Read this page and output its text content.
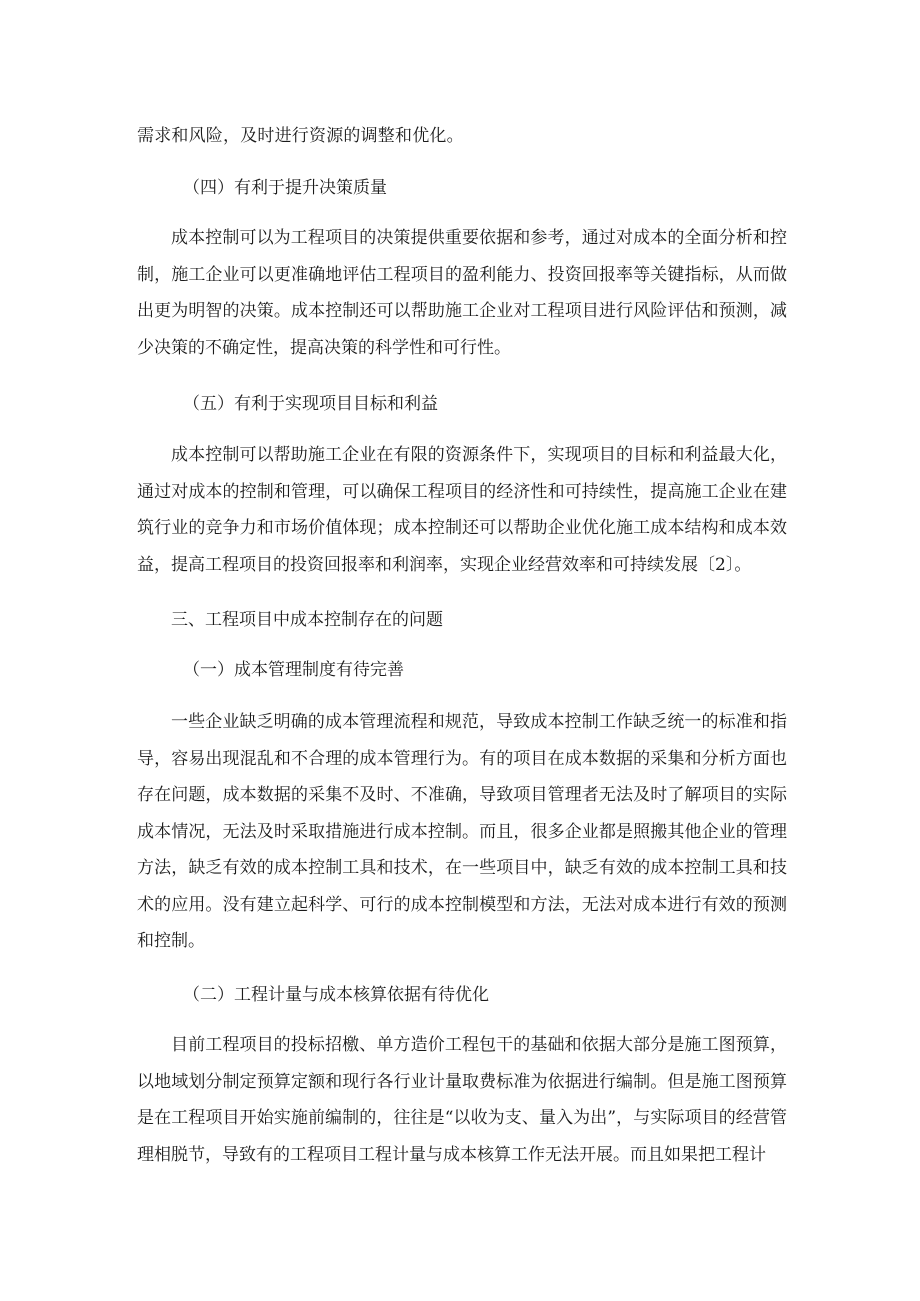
需求和风险，及时进行资源的调整和优化。
（四）有利于提升决策质量
成本控制可以为工程项目的决策提供重要依据和参考，通过对成本的全面分析和控制，施工企业可以更准确地评估工程项目的盈利能力、投资回报率等关键指标，从而做出更为明智的决策。成本控制还可以帮助施工企业对工程项目进行风险评估和预测，减少决策的不确定性，提高决策的科学性和可行性。
（五）有利于实现项目目标和利益
成本控制可以帮助施工企业在有限的资源条件下，实现项目的目标和利益最大化，通过对成本的控制和管理，可以确保工程项目的经济性和可持续性，提高施工企业在建筑行业的竞争力和市场价值体现；成本控制还可以帮助企业优化施工成本结构和成本效益，提高工程项目的投资回报率和利润率，实现企业经营效率和可持续发展〔2〕。
三、工程项目中成本控制存在的问题
（一）成本管理制度有待完善
一些企业缺乏明确的成本管理流程和规范，导致成本控制工作缺乏统一的标准和指导，容易出现混乱和不合理的成本管理行为。有的项目在成本数据的采集和分析方面也存在问题，成本数据的采集不及时、不准确，导致项目管理者无法及时了解项目的实际成本情况，无法及时采取措施进行成本控制。而且，很多企业都是照搬其他企业的管理方法，缺乏有效的成本控制工具和技术，在一些项目中，缺乏有效的成本控制工具和技术的应用。没有建立起科学、可行的成本控制模型和方法，无法对成本进行有效的预测和控制。
（二）工程计量与成本核算依据有待优化
目前工程项目的投标招檄、单方造价工程包干的基础和依据大部分是施工图预算，以地域划分制定预算定额和现行各行业计量取费标准为依据进行编制。但是施工图预算是在工程项目开始实施前编制的，往往是“以收为支、量入为出”，与实际项目的经营管理相脱节，导致有的工程项目工程计量与成本核算工作无法开展。而且如果把工程计
